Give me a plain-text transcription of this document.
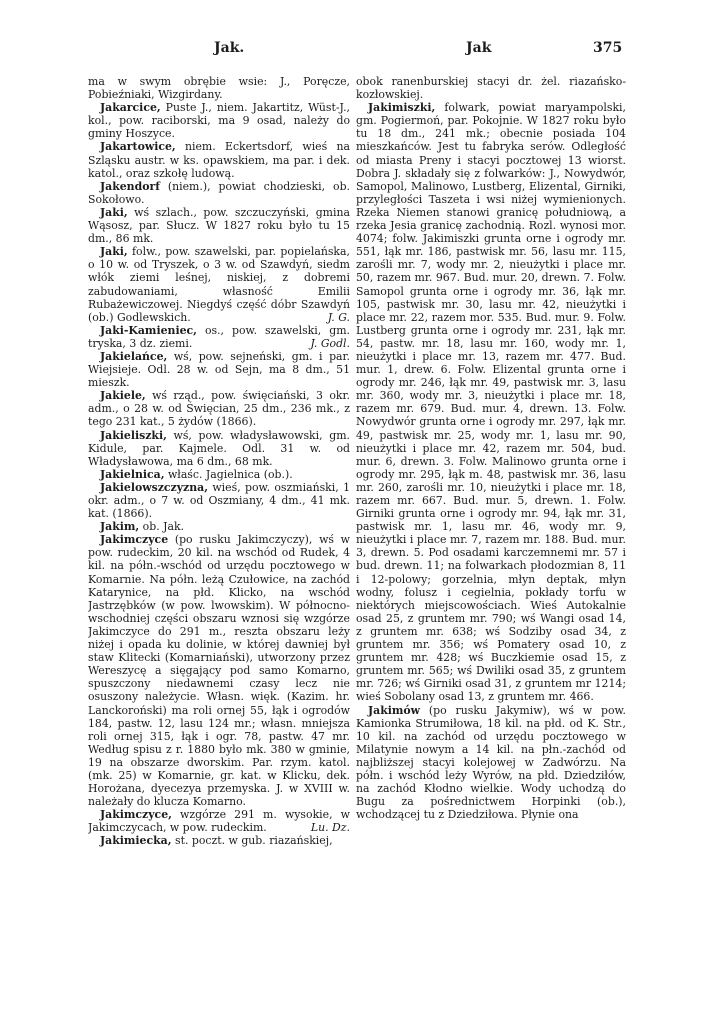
Jak.	Jak	375

ma w swym obrębie wsie: J., Poręcze, Pobieźniaki, Wizgirdany.

Jakarcice, Puste J., niem. Jakartitz, Wüst-J., kol., pow. raciborski, ma 9 osad, należy do gminy Hoszyce.

Jakartowice, niem. Eckertsdorf, wieś na Szląsku austr. w ks. opawskiem, ma par. i dek. katol., oraz szkołę ludową.

Jakendorf (niem.), powiat chodzieski, ob. Sokołowo.

Jaki, wś szlach., pow. szczuczyński, gmina Wąsosz, par. Słucz. W 1827 roku było tu 15 dm., 86 mk.

Jaki, folw., pow. szawelski, par. popielańska, o 10 w. od Tryszek, o 3 w. od Szawdyń, siedm włók ziemi leśnej, niskiej, z dobremi zabudowaniami, własność Emilii Rubażewiczowej. Niegdyś część dóbr Szawdyń (ob.) Godlewskich.	J. G.

Jaki-Kamieniec, os., pow. szawelski, gm. tryska, 3 dz. ziemi.	J. Godl.

Jakielańce, wś, pow. sejneński, gm. i par. Wiejsieje. Odl. 28 w. od Sejn, ma 8 dm., 51 mieszk.

Jakiele, wś rząd., pow. święciański, 3 okr. adm., o 28 w. od Święcian, 25 dm., 236 mk., z tego 231 kat., 5 żydów (1866).

Jakieliszki, wś, pow. władysławowski, gm. Kidule, par. Kajmele. Odl. 31 w. od Władysławowa, ma 6 dm., 68 mk.

Jakielnica, właśc. Jagielnica (ob.).

Jakielowszczyzna, wieś, pow. oszmiański, 1 okr. adm., o 7 w. od Oszmiany, 4 dm., 41 mk. kat. (1866).

Jakim, ob. Jak.

Jakimczyce (po rusku Jakimczyczy), wś w pow. rudeckim, 20 kil. na wschód od Rudek, 4 kil. na półn.-wschód od urzędu pocztowego w Komarnie. Na półn. leżą Czułowice, na zachód Katarynice, na płd. Klicko, na wschód Jastrzębków (w pow. lwowskim). W północno-wschodniej części obszaru wznosi się wzgórze Jakimczyce do 291 m., reszta obszaru leży niżej i opada ku dolinie, w której dawniej był staw Klitecki (Komarniański), utworzony przez Wereszycę a sięgający pod samo Komarno, spuszczony niedawnemi czasy lecz nie osuszony należycie. Własn. więk. (Kazim. hr. Lanckoroński) ma roli ornej 55, łąk i ogrodów 184, pastw. 12, lasu 124 mr.; własn. mniejsza roli ornej 315, łąk i ogr. 78, pastw. 47 mr. Według spisu z r. 1880 było mk. 380 w gminie, 19 na obszarze dworskim. Par. rzym. katol. (mk. 25) w Komarnie, gr. kat. w Klicku, dek. Horożana, dyecezya przemyska. J. w XVIII w. należały do klucza Komarno.

Jakimczyce, wzgórze 291 m. wysokie, w Jakimczycach, w pow. rudeckim.	Lu. Dz.

Jakimiecka, st. poczt. w gub. riazańskiej,

obok ranenburskiej stacyi dr. żel. riazańsko-kozłowskiej.

Jakimiszki, folwark, powiat maryampolski, gm. Pogiermoń, par. Pokojnie. W 1827 roku było tu 18 dm., 241 mk.; obecnie posiada 104 mieszkańców. Jest tu fabryka serów. Odległość od miasta Preny i stacyi pocztowej 13 wiorst. Dobra J. składały się z folwarków: J., Nowydwór, Samopol, Malinowo, Lustberg, Elizental, Girniki, przyległości Taszeta i wsi niżej wymienionych. Rzeka Niemen stanowi granicę południową, a rzeka Jesia granicę zachodnią. Rozl. wynosi mor. 4074; folw. Jakimiszki grunta orne i ogrody mr. 551, łąk mr. 186, pastwisk mr. 56, lasu mr. 115, zarośli mr. 7, wody mr. 2, nieużytki i place mr. 50, razem mr. 967. Bud. mur. 20, drewn. 7. Folw. Samopol grunta orne i ogrody mr. 36, łąk mr. 105, pastwisk mr. 30, lasu mr. 42, nieużytki i place mr. 22, razem mor. 535. Bud. mur. 9. Folw. Lustberg grunta orne i ogrody mr. 231, łąk mr. 54, pastw. mr. 18, lasu mr. 160, wody mr. 1, nieużytki i place mr. 13, razem mr. 477. Bud. mur. 1, drew. 6. Folw. Elizental grunta orne i ogrody mr. 246, łąk mr. 49, pastwisk mr. 3, lasu mr. 360, wody mr. 3, nieużytki i place mr. 18, razem mr. 679. Bud. mur. 4, drewn. 13. Folw. Nowydwór grunta orne i ogrody mr. 297, łąk mr. 49, pastwisk mr. 25, wody mr. 1, lasu mr. 90, nieużytki i place mr. 42, razem mr. 504, bud. mur. 6, drewn. 3. Folw. Malinowo grunta orne i ogrody mr. 295, łąk m. 48, pastwisk mr. 36, lasu mr. 260, zarośli mr. 10, nieużytki i place mr. 18, razem mr. 667. Bud. mur. 5, drewn. 1. Folw. Girniki grunta orne i ogrody mr. 94, łąk mr. 31, pastwisk mr. 1, lasu mr. 46, wody mr. 9, nieużytki i place mr. 7, razem mr. 188. Bud. mur. 3, drewn. 5. Pod osadami karczemnemi mr. 57 i bud. drewn. 11; na folwarkach płodozmian 8, 11 i 12-polowy; gorzelnia, młyn deptak, młyn wodny, folusz i cegielnia, pokłady torfu w niektórych miejscowościach. Wieś Autokalnie osad 25, z gruntem mr. 790; wś Wangi osad 14, z gruntem mr. 638; wś Sodziby osad 34, z gruntem mr. 356; wś Pomatery osad 10, z gruntem mr. 428; wś Buczkiemie osad 15, z gruntem mr. 565; wś Dwiliki osad 35, z gruntem mr. 726; wś Girniki osad 31, z gruntem mr 1214; wieś Sobolany osad 13, z gruntem mr. 466.

Jakimów (po rusku Jakymiw), wś w pow. Kamionka Strumiłowa, 18 kil. na płd. od K. Str., 10 kil. na zachód od urzędu pocztowego w Milatynie nowym a 14 kil. na płn.-zachód od najbliższej stacyi kolejowej w Zadwórzu. Na półn. i wschód leży Wyrów, na płd. Dziedziłów, na zachód Kłodno wielkie. Wody uchodzą do Bugu za pośrednictwem Horpinki (ob.), wchodzącej tu z Dziedziłowa. Płynie ona
